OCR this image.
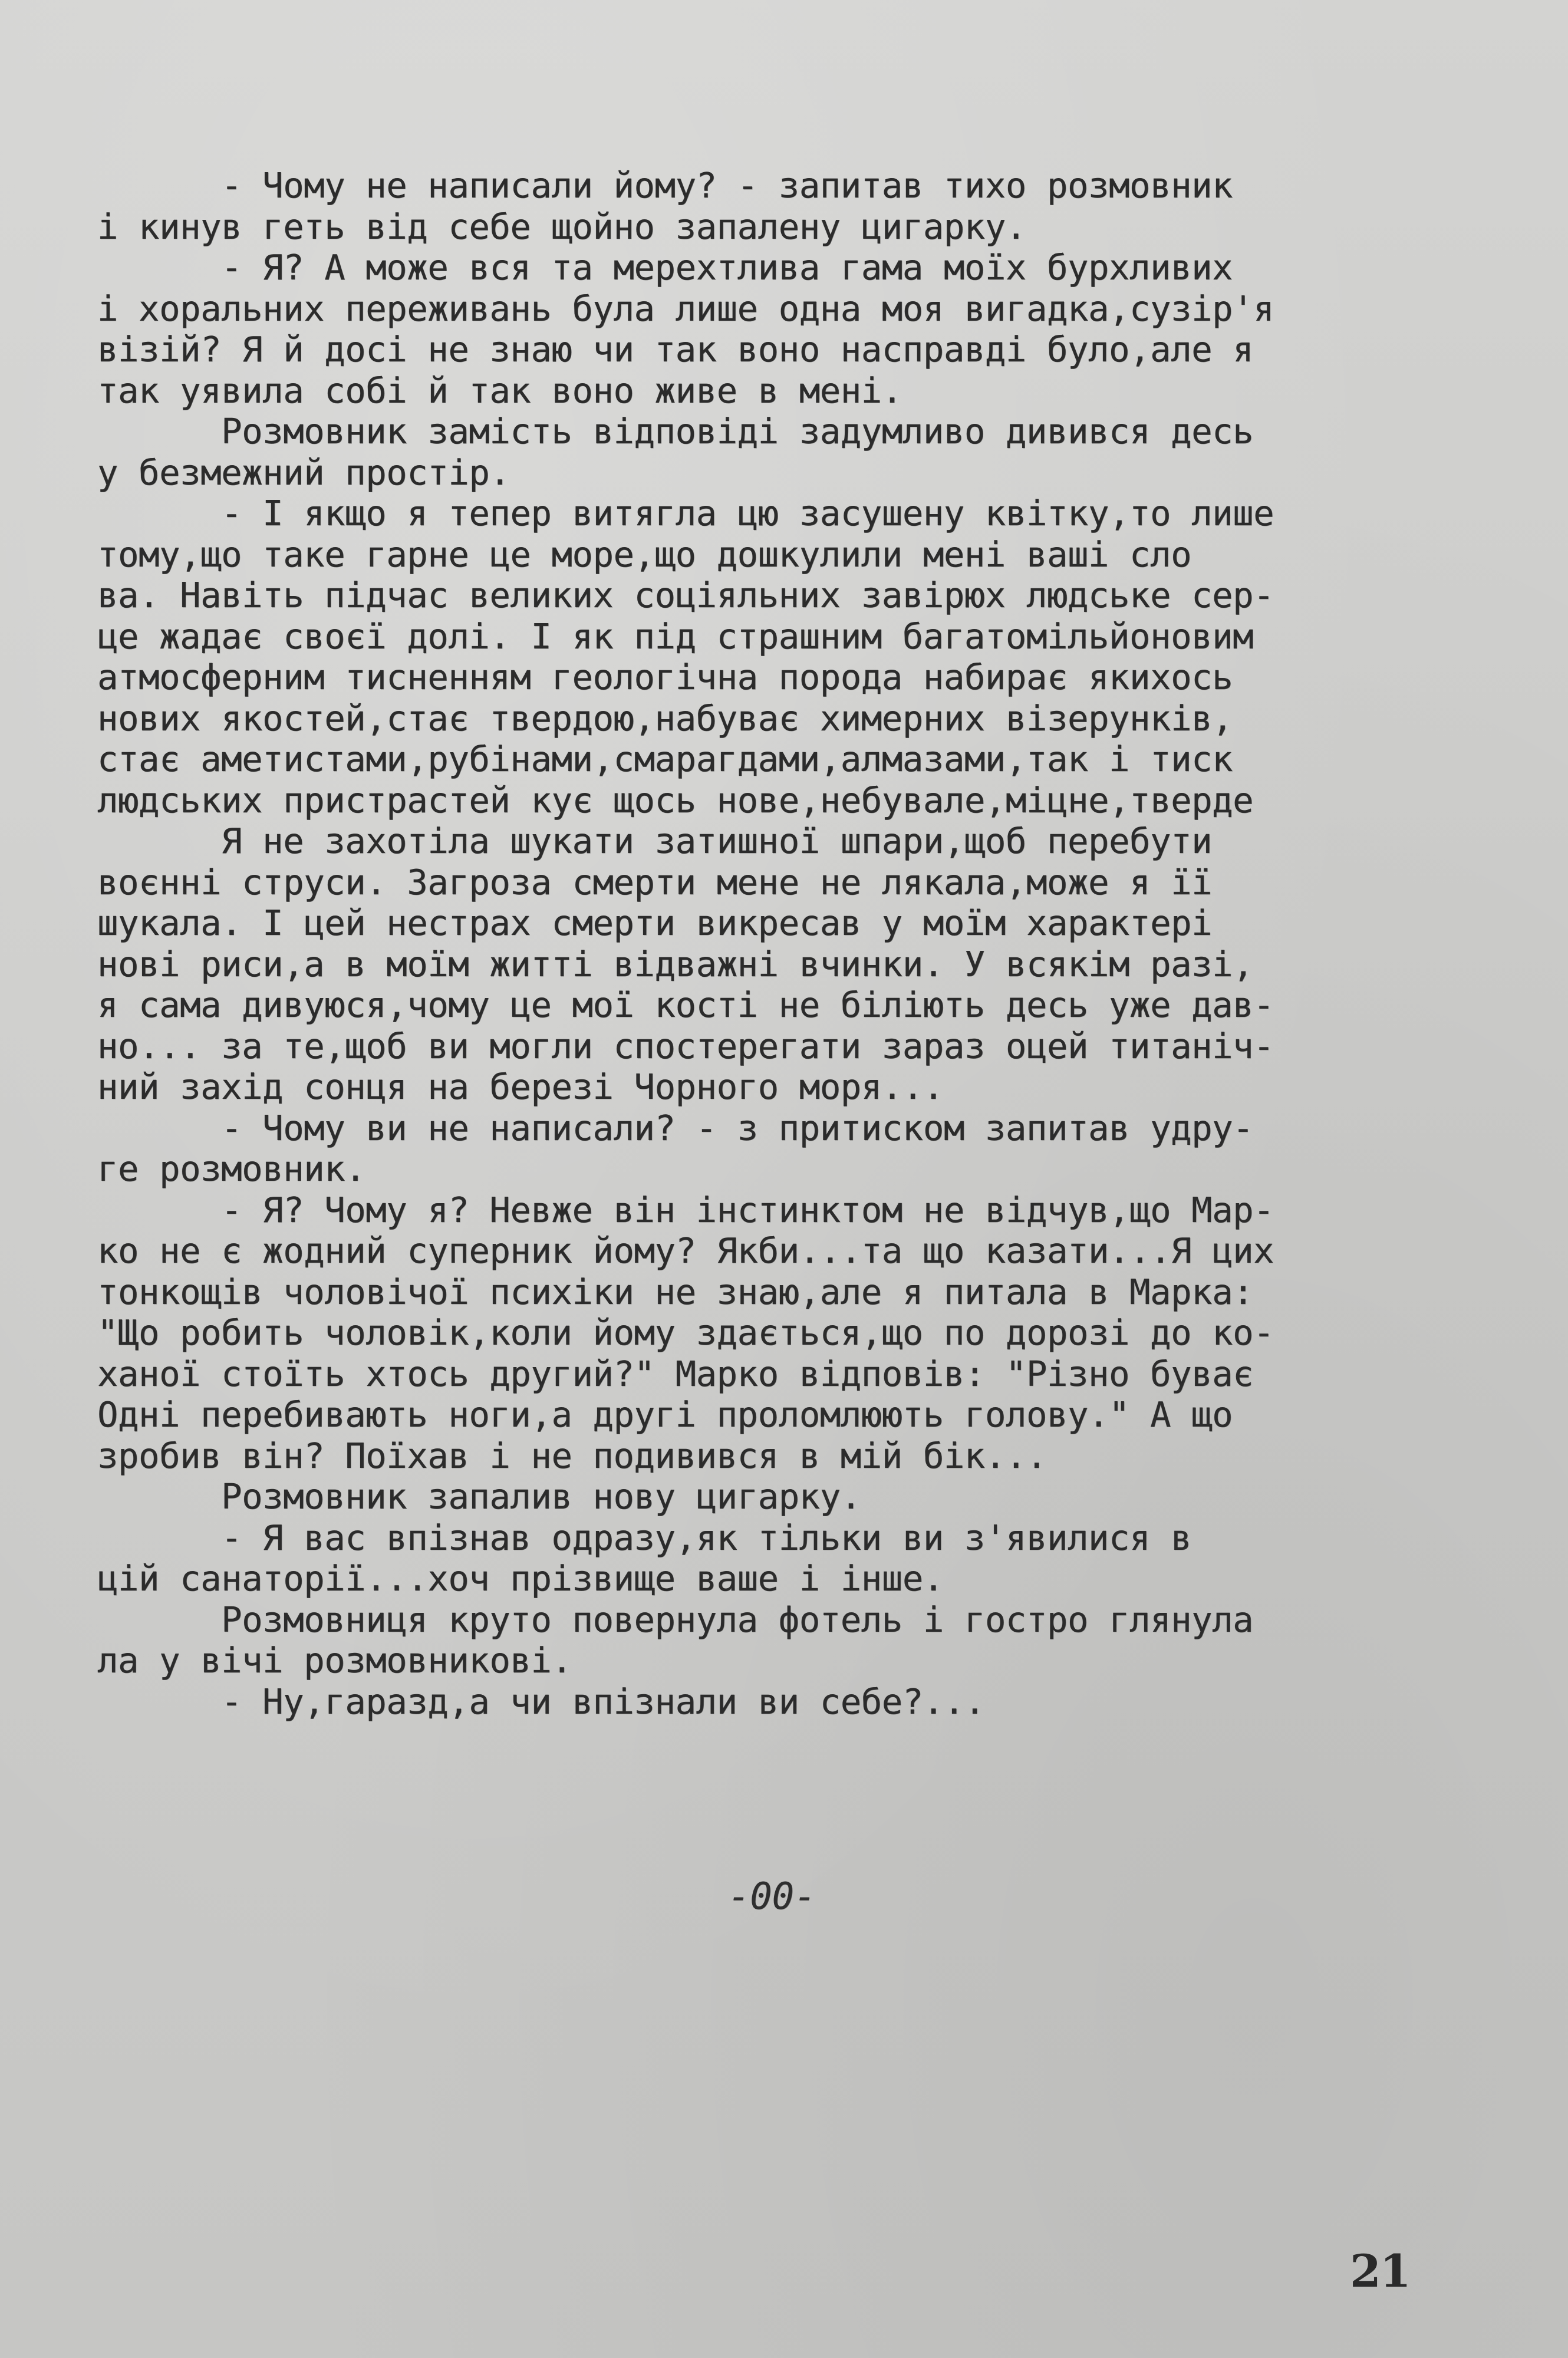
- Чому не написали йому? - запитав тихо розмовник
і кинув геть від себе щойно запалену цигарку.
- Я? А може вся та мерехтлива гама моїх бурхливих
і хоральних переживань була лише одна моя вигадка,сузір'я
візій? Я й досі не знаю чи так воно насправді було,але я
так уявила собі й так воно живе в мені.
Розмовник замість відповіді задумливо дивився десь
у безмежний простір.
- І якщо я тепер витягла цю засушену квітку,то лише
тому,що таке гарне це море,що дошкулили мені ваші сло
ва. Навіть підчас великих соціяльних завірюх людське сер-
це жадає своєї долі. І як під страшним багатомільйоновим
атмосферним тисненням геологічна порода набирає якихось
нових якостей,стає твердою,набуває химерних візерунків,
стає аметистами,рубінами,смарагдами,алмазами,так і тиск
людських пристрастей кує щось нове,небувале,міцне,тверде
Я не захотіла шукати затишної шпари,щоб перебути
воєнні струси. Загроза смерти мене не лякала,може я її
шукала. І цей нестрах смерти викресав у моїм характері
нові риси,а в моїм житті відважні вчинки. У всякім разі,
я сама дивуюся,чому це мої кості не біліють десь уже дав-
но... за те,щоб ви могли спостерегати зараз оцей титаніч-
ний захід сонця на березі Чорного моря...
- Чому ви не написали? - з притиском запитав удру-
ге розмовник.
- Я? Чому я? Невже він інстинктом не відчув,що Мар-
ко не є жодний суперник йому? Якби...та що казати...Я цих
тонкощів чоловічої психіки не знаю,але я питала в Марка:
"Що робить чоловік,коли йому здається,що по дорозі до ко-
ханої стоїть хтось другий?" Марко відповів: "Різно буває
Одні перебивають ноги,а другі проломлюють голову." А що
зробив він? Поїхав і не подивився в мій бік...
Розмовник запалив нову цигарку.
- Я вас впізнав одразу,як тільки ви з'явилися в
цій санаторії...хоч прізвище ваше і інше.
Розмовниця круто повернула фотель і гостро глянула
ла у вічі розмовникові.
- Ну,гаразд,а чи впізнали ви себе?...
-00-
21
